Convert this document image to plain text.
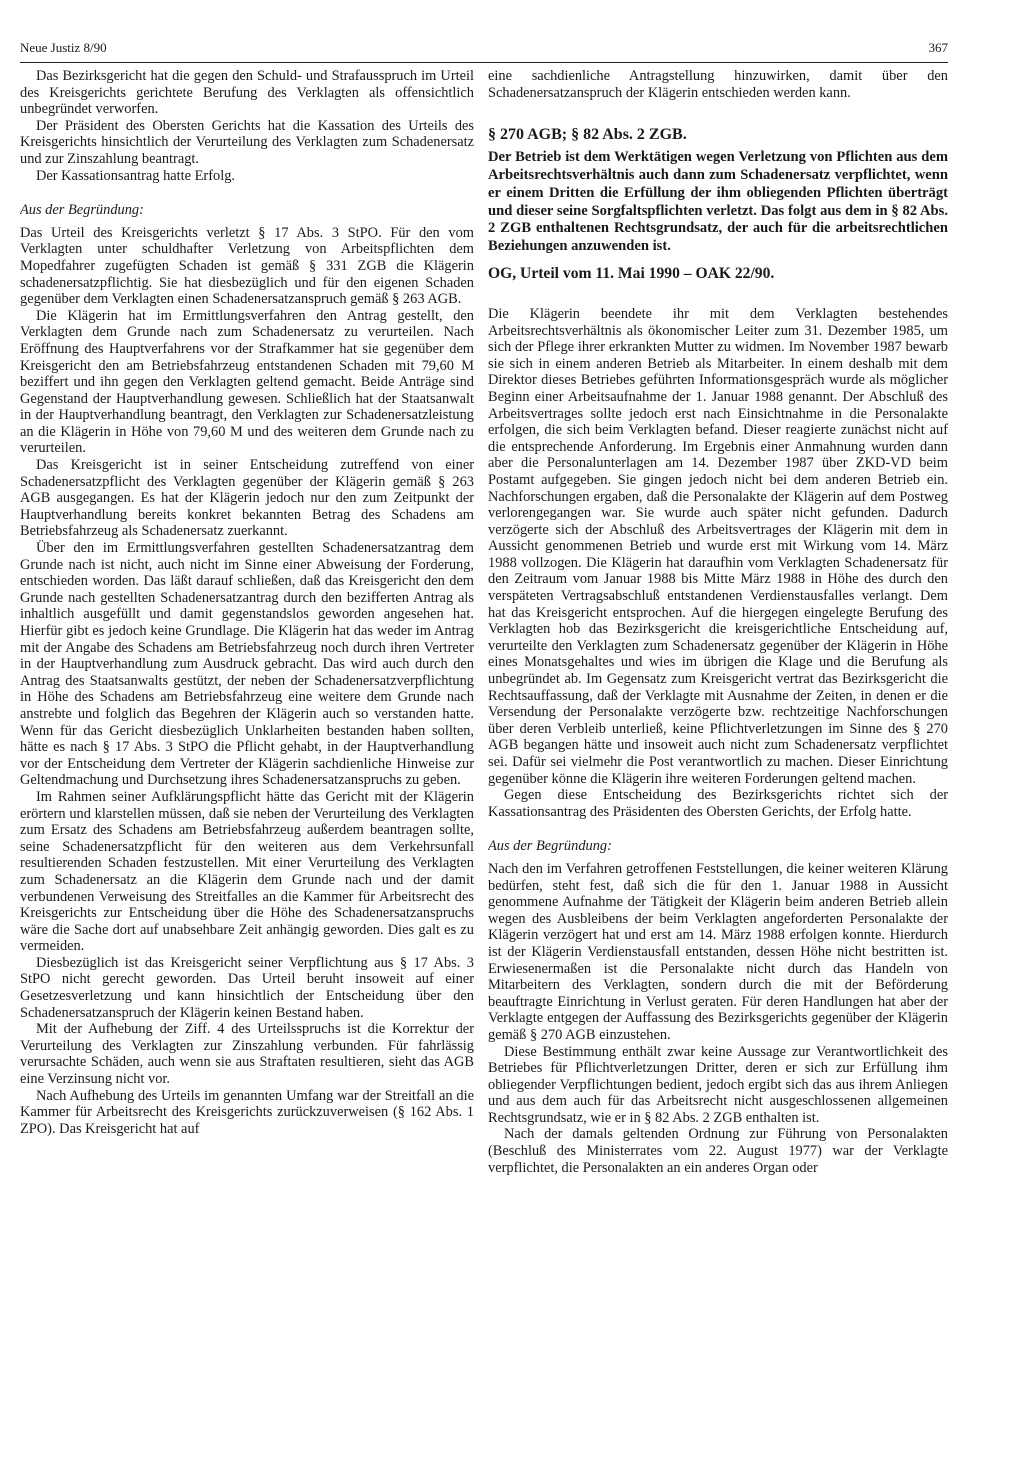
Neue Justiz 8/90	367

Das Bezirksgericht hat die gegen den Schuld- und Strafausspruch im Urteil des Kreisgerichts gerichtete Berufung des Verklagten als offensichtlich unbegründet verworfen.

Der Präsident des Obersten Gerichts hat die Kassation des Urteils des Kreisgerichts hinsichtlich der Verurteilung des Verklagten zum Schadenersatz und zur Zinszahlung beantragt.

Der Kassationsantrag hatte Erfolg.

Aus der Begründung:

Das Urteil des Kreisgerichts verletzt § 17 Abs. 3 StPO. Für den vom Verklagten unter schuldhafter Verletzung von Arbeitspflichten dem Mopedfahrer zugefügten Schaden ist gemäß § 331 ZGB die Klägerin schadenersatzpflichtig. Sie hat diesbezüglich und für den eigenen Schaden gegenüber dem Verklagten einen Schadenersatzanspruch gemäß § 263 AGB.

Die Klägerin hat im Ermittlungsverfahren den Antrag gestellt, den Verklagten dem Grunde nach zum Schadenersatz zu verurteilen. Nach Eröffnung des Hauptverfahrens vor der Strafkammer hat sie gegenüber dem Kreisgericht den am Betriebsfahrzeug entstandenen Schaden mit 79,60 M beziffert und ihn gegen den Verklagten geltend gemacht. Beide Anträge sind Gegenstand der Hauptverhandlung gewesen. Schließlich hat der Staatsanwalt in der Hauptverhandlung beantragt, den Verklagten zur Schadenersatzleistung an die Klägerin in Höhe von 79,60 M und des weiteren dem Grunde nach zu verurteilen.

Das Kreisgericht ist in seiner Entscheidung zutreffend von einer Schadenersatzpflicht des Verklagten gegenüber der Klägerin gemäß § 263 AGB ausgegangen. Es hat der Klägerin jedoch nur den zum Zeitpunkt der Hauptverhandlung bereits konkret bekannten Betrag des Schadens am Betriebsfahrzeug als Schadenersatz zuerkannt.

Über den im Ermittlungsverfahren gestellten Schadenersatzantrag dem Grunde nach ist nicht, auch nicht im Sinne einer Abweisung der Forderung, entschieden worden. Das läßt darauf schließen, daß das Kreisgericht den dem Grunde nach gestellten Schadenersatzantrag durch den bezifferten Antrag als inhaltlich ausgefüllt und damit gegenstandslos geworden angesehen hat. Hierfür gibt es jedoch keine Grundlage. Die Klägerin hat das weder im Antrag mit der Angabe des Schadens am Betriebsfahrzeug noch durch ihren Vertreter in der Hauptverhandlung zum Ausdruck gebracht. Das wird auch durch den Antrag des Staatsanwalts gestützt, der neben der Schadenersatzverpflichtung in Höhe des Schadens am Betriebsfahrzeug eine weitere dem Grunde nach anstrebte und folglich das Begehren der Klägerin auch so verstanden hatte. Wenn für das Gericht diesbezüglich Unklarheiten bestanden haben sollten, hätte es nach § 17 Abs. 3 StPO die Pflicht gehabt, in der Hauptverhandlung vor der Entscheidung dem Vertreter der Klägerin sachdienliche Hinweise zur Geltendmachung und Durchsetzung ihres Schadenersatzanspruchs zu geben.

Im Rahmen seiner Aufklärungspflicht hätte das Gericht mit der Klägerin erörtern und klarstellen müssen, daß sie neben der Verurteilung des Verklagten zum Ersatz des Schadens am Betriebsfahrzeug außerdem beantragen sollte, seine Schadenersatzpflicht für den weiteren aus dem Verkehrsunfall resultierenden Schaden festzustellen. Mit einer Verurteilung des Verklagten zum Schadenersatz an die Klägerin dem Grunde nach und der damit verbundenen Verweisung des Streitfalles an die Kammer für Arbeitsrecht des Kreisgerichts zur Entscheidung über die Höhe des Schadenersatzanspruchs wäre die Sache dort auf unabsehbare Zeit anhängig geworden. Dies galt es zu vermeiden.

Diesbezüglich ist das Kreisgericht seiner Verpflichtung aus § 17 Abs. 3 StPO nicht gerecht geworden. Das Urteil beruht insoweit auf einer Gesetzesverletzung und kann hinsichtlich der Entscheidung über den Schadenersatzanspruch der Klägerin keinen Bestand haben.

Mit der Aufhebung der Ziff. 4 des Urteilsspruchs ist die Korrektur der Verurteilung des Verklagten zur Zinszahlung verbunden. Für fahrlässig verursachte Schäden, auch wenn sie aus Straftaten resultieren, sieht das AGB eine Verzinsung nicht vor.

Nach Aufhebung des Urteils im genannten Umfang war der Streitfall an die Kammer für Arbeitsrecht des Kreisgerichts zurückzuverweisen (§ 162 Abs. 1 ZPO). Das Kreisgericht hat auf

eine sachdienliche Antragstellung hinzuwirken, damit über den Schadenersatzanspruch der Klägerin entschieden werden kann.

§ 270 AGB; § 82 Abs. 2 ZGB.

Der Betrieb ist dem Werktätigen wegen Verletzung von Pflichten aus dem Arbeitsrechtsverhältnis auch dann zum Schadenersatz verpflichtet, wenn er einem Dritten die Erfüllung der ihm obliegenden Pflichten überträgt und dieser seine Sorgfaltspflichten verletzt. Das folgt aus dem in § 82 Abs. 2 ZGB enthaltenen Rechtsgrundsatz, der auch für die arbeitsrechtlichen Beziehungen anzuwenden ist.

OG, Urteil vom 11. Mai 1990 – OAK 22/90.

Die Klägerin beendete ihr mit dem Verklagten bestehendes Arbeitsrechtsverhältnis als ökonomischer Leiter zum 31. Dezember 1985, um sich der Pflege ihrer erkrankten Mutter zu widmen. Im November 1987 bewarb sie sich in einem anderen Betrieb als Mitarbeiter. In einem deshalb mit dem Direktor dieses Betriebes geführten Informationsgespräch wurde als möglicher Beginn einer Arbeitsaufnahme der 1. Januar 1988 genannt. Der Abschluß des Arbeitsvertrages sollte jedoch erst nach Einsichtnahme in die Personalakte erfolgen, die sich beim Verklagten befand. Dieser reagierte zunächst nicht auf die entsprechende Anforderung. Im Ergebnis einer Anmahnung wurden dann aber die Personalunterlagen am 14. Dezember 1987 über ZKD-VD beim Postamt aufgegeben. Sie gingen jedoch nicht bei dem anderen Betrieb ein. Nachforschungen ergaben, daß die Personalakte der Klägerin auf dem Postweg verlorengegangen war. Sie wurde auch später nicht gefunden. Dadurch verzögerte sich der Abschluß des Arbeitsvertrages der Klägerin mit dem in Aussicht genommenen Betrieb und wurde erst mit Wirkung vom 14. März 1988 vollzogen. Die Klägerin hat daraufhin vom Verklagten Schadenersatz für den Zeitraum vom Januar 1988 bis Mitte März 1988 in Höhe des durch den verspäteten Vertragsabschluß entstandenen Verdienstausfalles verlangt. Dem hat das Kreisgericht entsprochen. Auf die hiergegen eingelegte Berufung des Verklagten hob das Bezirksgericht die kreisgerichtliche Entscheidung auf, verurteilte den Verklagten zum Schadenersatz gegenüber der Klägerin in Höhe eines Monatsgehaltes und wies im übrigen die Klage und die Berufung als unbegründet ab. Im Gegensatz zum Kreisgericht vertrat das Bezirksgericht die Rechtsauffassung, daß der Verklagte mit Ausnahme der Zeiten, in denen er die Versendung der Personalakte verzögerte bzw. rechtzeitige Nachforschungen über deren Verbleib unterließ, keine Pflichtverletzungen im Sinne des § 270 AGB begangen hätte und insoweit auch nicht zum Schadenersatz verpflichtet sei. Dafür sei vielmehr die Post verantwortlich zu machen. Dieser Einrichtung gegenüber könne die Klägerin ihre weiteren Forderungen geltend machen.

Gegen diese Entscheidung des Bezirksgerichts richtet sich der Kassationsantrag des Präsidenten des Obersten Gerichts, der Erfolg hatte.

Aus der Begründung:

Nach den im Verfahren getroffenen Feststellungen, die keiner weiteren Klärung bedürfen, steht fest, daß sich die für den 1. Januar 1988 in Aussicht genommene Aufnahme der Tätigkeit der Klägerin beim anderen Betrieb allein wegen des Ausbleibens der beim Verklagten angeforderten Personalakte der Klägerin verzögert hat und erst am 14. März 1988 erfolgen konnte. Hierdurch ist der Klägerin Verdienstausfall entstanden, dessen Höhe nicht bestritten ist. Erwiesenermaßen ist die Personalakte nicht durch das Handeln von Mitarbeitern des Verklagten, sondern durch die mit der Beförderung beauftragte Einrichtung in Verlust geraten. Für deren Handlungen hat aber der Verklagte entgegen der Auffassung des Bezirksgerichts gegenüber der Klägerin gemäß § 270 AGB einzustehen.

Diese Bestimmung enthält zwar keine Aussage zur Verantwortlichkeit des Betriebes für Pflichtverletzungen Dritter, deren er sich zur Erfüllung ihm obliegender Verpflichtungen bedient, jedoch ergibt sich das aus ihrem Anliegen und aus dem auch für das Arbeitsrecht nicht ausgeschlossenen allgemeinen Rechtsgrundsatz, wie er in § 82 Abs. 2 ZGB enthalten ist.

Nach der damals geltenden Ordnung zur Führung von Personalakten (Beschluß des Ministerrates vom 22. August 1977) war der Verklagte verpflichtet, die Personalakten an ein anderes Organ oder
